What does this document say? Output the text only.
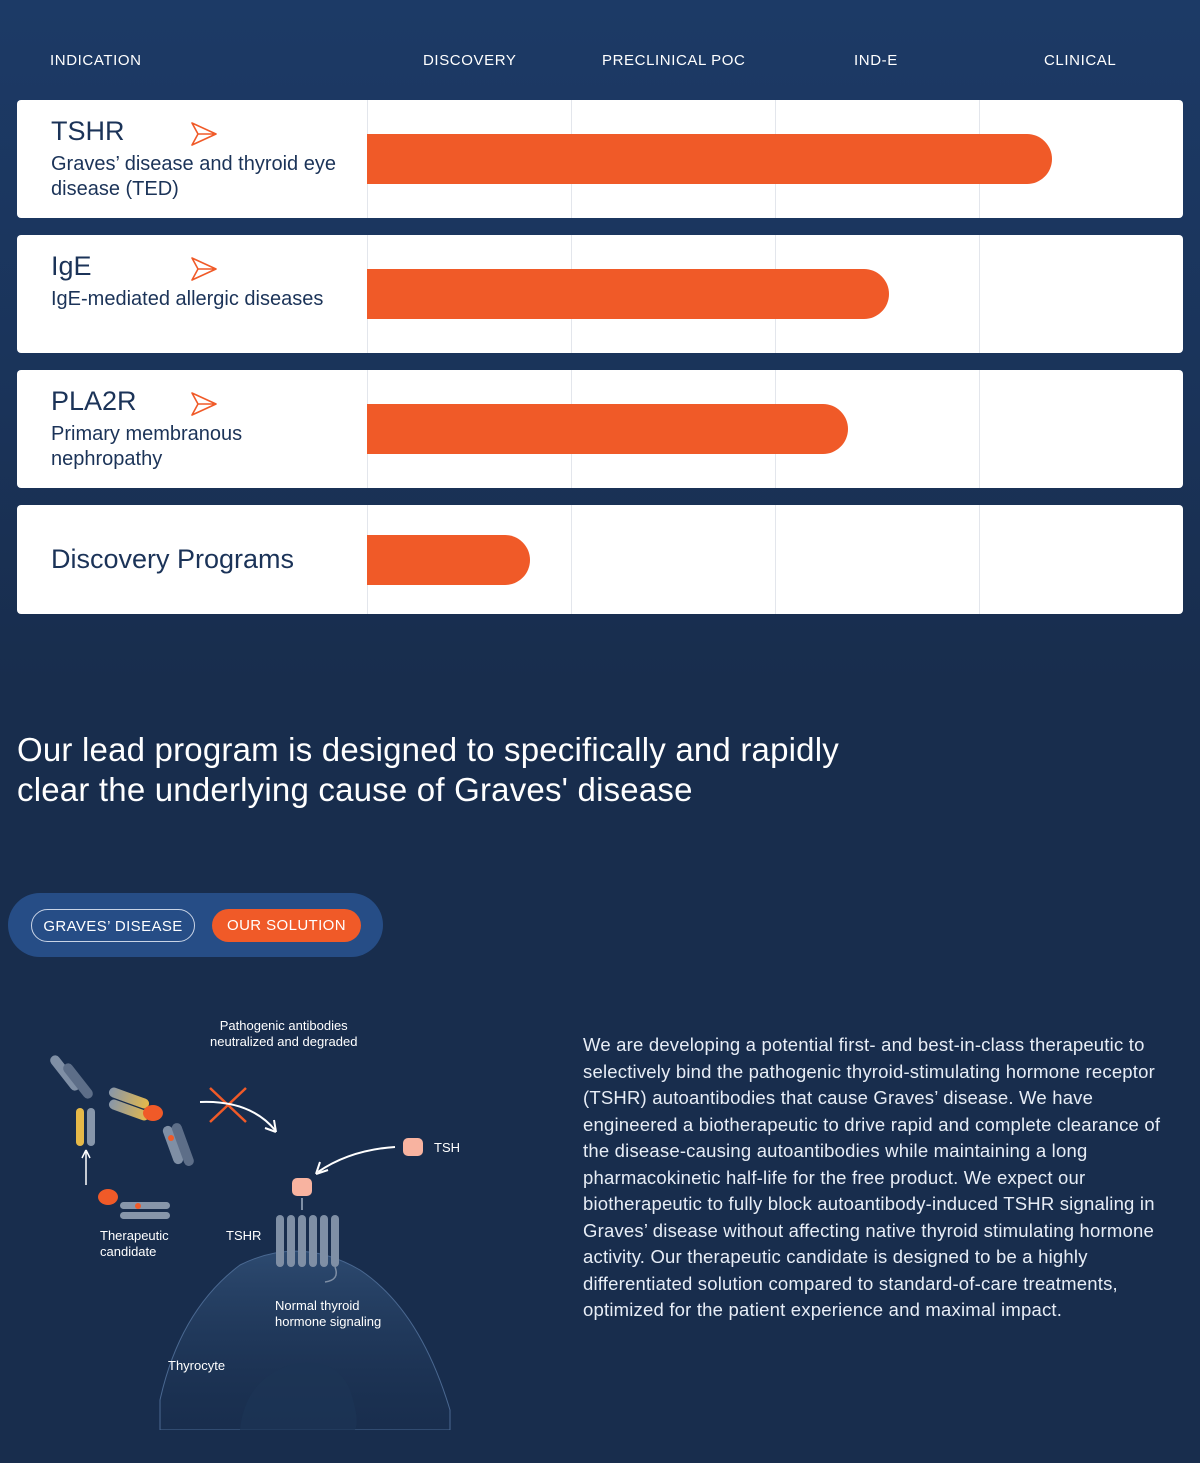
INDICATION	DISCOVERY	PRECLINICAL POC	IND-E	CLINICAL
TSHR
Graves’ disease and thyroid eye disease (TED)
IgE
IgE-mediated allergic diseases
PLA2R
Primary membranous nephropathy
Discovery Programs
Our lead program is designed to specifically and rapidly clear the underlying cause of Graves' disease
GRAVES’ DISEASE	OUR SOLUTION
Pathogenic antibodies
neutralized and degraded
TSH
TSHR
Therapeutic
candidate
Normal thyroid
hormone signaling
Thyrocyte
We are developing a potential first- and best-in-class therapeutic to selectively bind the pathogenic thyroid-stimulating hormone receptor (TSHR) autoantibodies that cause Graves’ disease. We have engineered a biotherapeutic to drive rapid and complete clearance of the disease-causing autoantibodies while maintaining a long pharmacokinetic half-life for the free product. We expect our biotherapeutic to fully block autoantibody-induced TSHR signaling in Graves’ disease without affecting native thyroid stimulating hormone activity. Our therapeutic candidate is designed to be a highly differentiated solution compared to standard-of-care treatments, optimized for the patient experience and maximal impact.
